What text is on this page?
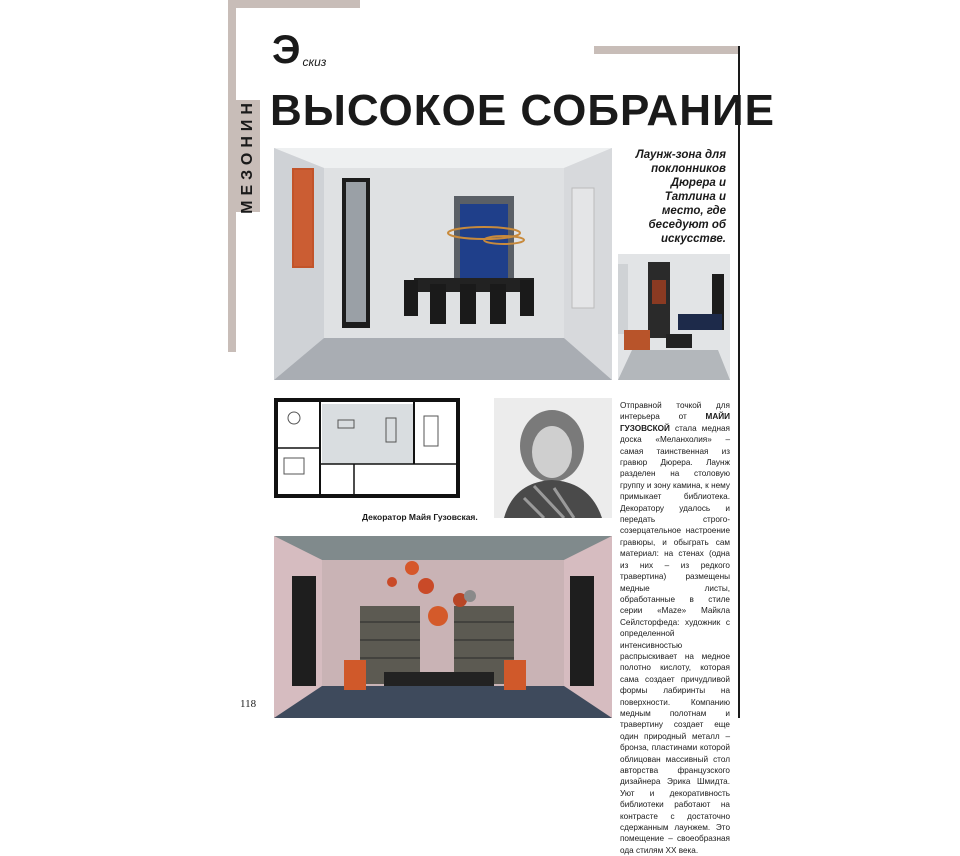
МЕЗОНИН
Э скиз
ВЫСОКОЕ СОБРАНИЕ
Лаунж-зона для поклонников Дюрера и Татлина и место, где беседуют об искусстве.
Декоратор Майя Гузовская.
Отправной точкой для интерьера от МАЙИ ГУЗОВСКОЙ стала медная доска «Меланхолия» – самая таинственная из гравюр Дюрера. Лаунж разделен на столовую группу и зону камина, к нему примыкает библиотека. Декоратору удалось и передать строго-созерцательное настроение гравюры, и обыграть сам материал: на стенах (одна из них – из редкого травертина) размещены медные листы, обработанные в стиле серии «Maze» Майкла Сейлсторфеда: художник с определенной интенсивностью распрыскивает на медное полотно кислоту, которая сама создает причудливой формы лабиринты на поверхности. Компанию медным полотнам и травертину создает еще один природный металл – бронза, пластинами которой облицован массивный стол авторства французского дизайнера Эрика Шмидта. Уют и декоративность библиотеки работают на контрасте с достаточно сдержанным лаунжем. Это помещение – своеобразная ода стилям XX века.
118
